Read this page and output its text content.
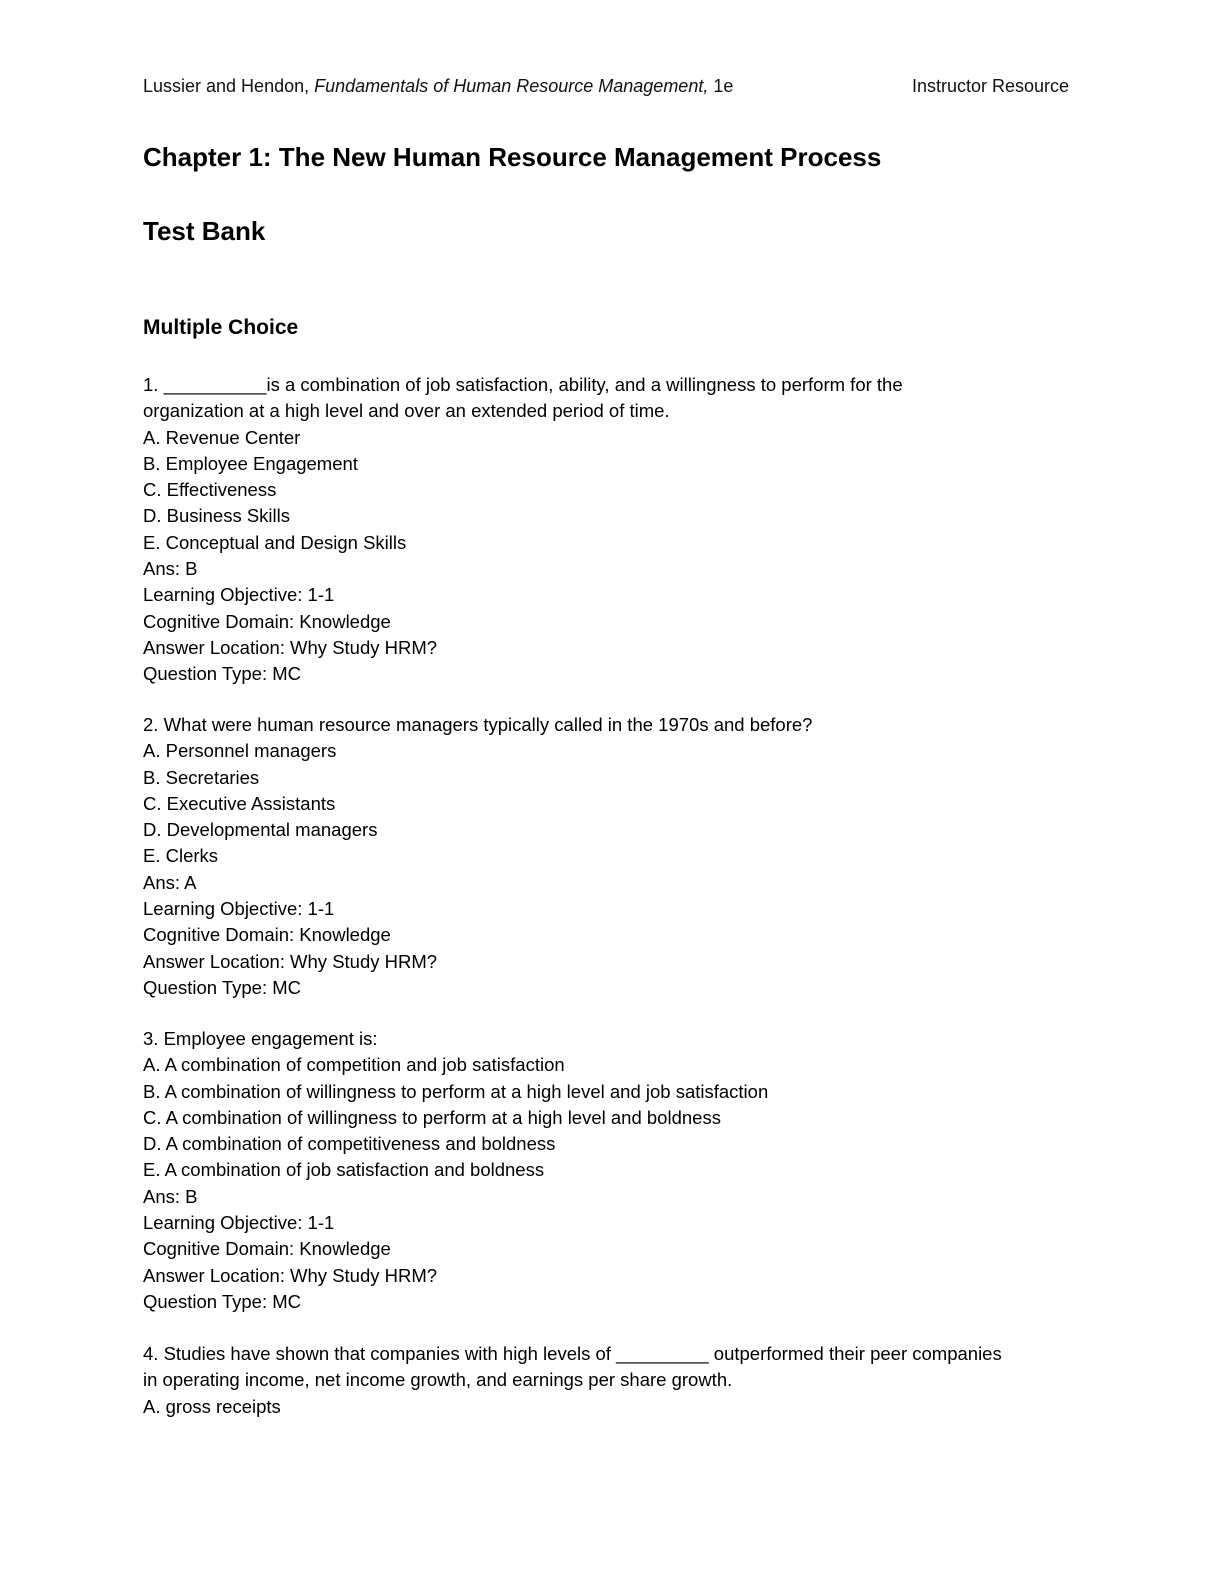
Lussier and Hendon, Fundamentals of Human Resource Management, 1e	Instructor Resource
Chapter 1: The New Human Resource Management Process
Test Bank
Multiple Choice
1. __________is a combination of job satisfaction, ability, and a willingness to perform for the
organization at a high level and over an extended period of time.
A. Revenue Center
B. Employee Engagement
C. Effectiveness
D. Business Skills
E. Conceptual and Design Skills
Ans: B
Learning Objective: 1-1
Cognitive Domain: Knowledge
Answer Location: Why Study HRM?
Question Type: MC
2. What were human resource managers typically called in the 1970s and before?
A. Personnel managers
B. Secretaries
C. Executive Assistants
D. Developmental managers
E. Clerks
Ans: A
Learning Objective: 1-1
Cognitive Domain: Knowledge
Answer Location: Why Study HRM?
Question Type: MC
3. Employee engagement is:
A. A combination of competition and job satisfaction
B. A combination of willingness to perform at a high level and job satisfaction
C. A combination of willingness to perform at a high level and boldness
D. A combination of competitiveness and boldness
E. A combination of job satisfaction and boldness
Ans: B
Learning Objective: 1-1
Cognitive Domain: Knowledge
Answer Location: Why Study HRM?
Question Type: MC
4. Studies have shown that companies with high levels of _________ outperformed their peer companies
in operating income, net income growth, and earnings per share growth.
A. gross receipts
